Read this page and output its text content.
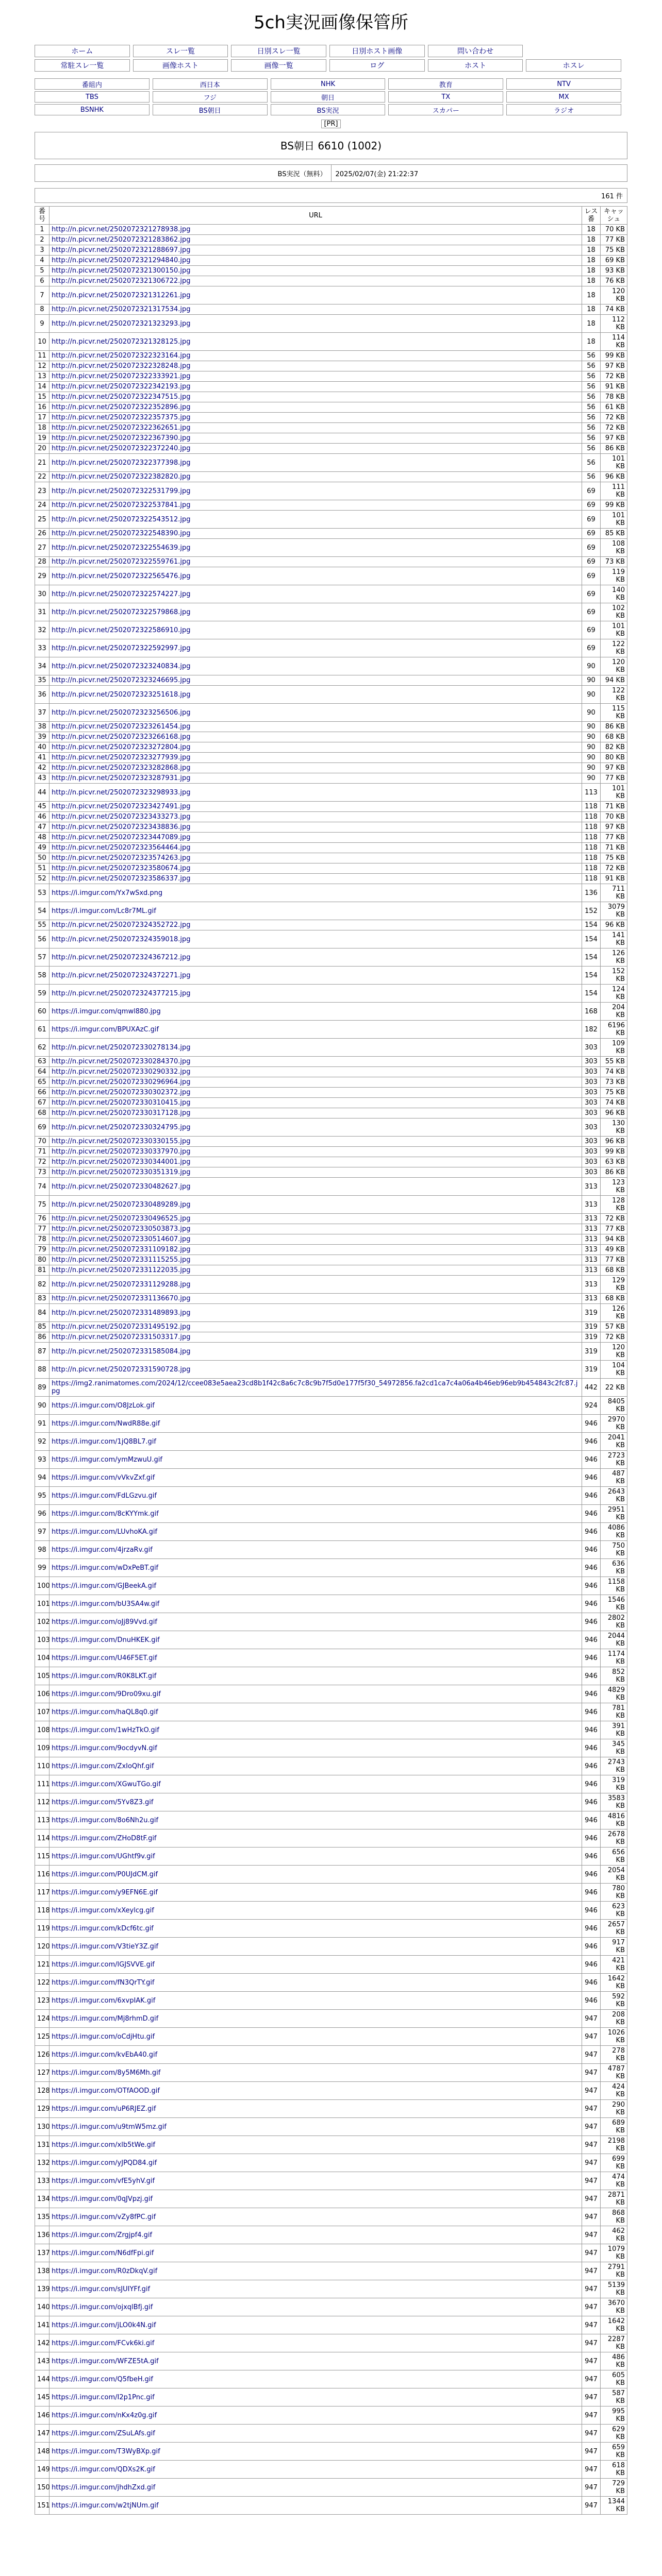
5ch実況画像保管所
ホーム	スレ一覧	日別スレ一覧	日別ホスト画像	問い合わせ	

常駐スレ一覧	画像ホスト	画像一覧	ログ	ホスト	ホスレ
番組内	西日本	NHK	教育	NTV

TBS	フジ	朝日	TX	MX

BSNHK	BS朝日	BS実況	スカパー	ラジオ
[PR]
BS朝日 6610 (1002)
BS実況（無料）	2025/02/07(金) 21:22:37
161 件
番号	URL	レス番	キャッシュ
1	http://n.picvr.net/2502072321278938.jpg	18	70 KB
2	http://n.picvr.net/2502072321283862.jpg	18	77 KB
3	http://n.picvr.net/2502072321288697.jpg	18	75 KB
4	http://n.picvr.net/2502072321294840.jpg	18	69 KB
5	http://n.picvr.net/2502072321300150.jpg	18	93 KB
6	http://n.picvr.net/2502072321306722.jpg	18	76 KB
7	http://n.picvr.net/2502072321312261.jpg	18	120 KB
8	http://n.picvr.net/2502072321317534.jpg	18	74 KB
9	http://n.picvr.net/2502072321323293.jpg	18	112 KB
10	http://n.picvr.net/2502072321328125.jpg	18	114 KB
11	http://n.picvr.net/2502072322323164.jpg	56	99 KB
12	http://n.picvr.net/2502072322328248.jpg	56	97 KB
13	http://n.picvr.net/2502072322333921.jpg	56	72 KB
14	http://n.picvr.net/2502072322342193.jpg	56	91 KB
15	http://n.picvr.net/2502072322347515.jpg	56	78 KB
16	http://n.picvr.net/2502072322352896.jpg	56	61 KB
17	http://n.picvr.net/2502072322357375.jpg	56	72 KB
18	http://n.picvr.net/2502072322362651.jpg	56	72 KB
19	http://n.picvr.net/2502072322367390.jpg	56	97 KB
20	http://n.picvr.net/2502072322372240.jpg	56	86 KB
21	http://n.picvr.net/2502072322377398.jpg	56	101 KB
22	http://n.picvr.net/2502072322382820.jpg	56	96 KB
23	http://n.picvr.net/2502072322531799.jpg	69	111 KB
24	http://n.picvr.net/2502072322537841.jpg	69	99 KB
25	http://n.picvr.net/2502072322543512.jpg	69	101 KB
26	http://n.picvr.net/2502072322548390.jpg	69	85 KB
27	http://n.picvr.net/2502072322554639.jpg	69	108 KB
28	http://n.picvr.net/2502072322559761.jpg	69	73 KB
29	http://n.picvr.net/2502072322565476.jpg	69	119 KB
30	http://n.picvr.net/2502072322574227.jpg	69	140 KB
31	http://n.picvr.net/2502072322579868.jpg	69	102 KB
32	http://n.picvr.net/2502072322586910.jpg	69	101 KB
33	http://n.picvr.net/2502072322592997.jpg	69	122 KB
34	http://n.picvr.net/2502072323240834.jpg	90	120 KB
35	http://n.picvr.net/2502072323246695.jpg	90	94 KB
36	http://n.picvr.net/2502072323251618.jpg	90	122 KB
37	http://n.picvr.net/2502072323256506.jpg	90	115 KB
38	http://n.picvr.net/2502072323261454.jpg	90	86 KB
39	http://n.picvr.net/2502072323266168.jpg	90	68 KB
40	http://n.picvr.net/2502072323272804.jpg	90	82 KB
41	http://n.picvr.net/2502072323277939.jpg	90	80 KB
42	http://n.picvr.net/2502072323282868.jpg	90	97 KB
43	http://n.picvr.net/2502072323287931.jpg	90	77 KB
44	http://n.picvr.net/2502072323298933.jpg	113	101 KB
45	http://n.picvr.net/2502072323427491.jpg	118	71 KB
46	http://n.picvr.net/2502072323433273.jpg	118	70 KB
47	http://n.picvr.net/2502072323438836.jpg	118	97 KB
48	http://n.picvr.net/2502072323447089.jpg	118	77 KB
49	http://n.picvr.net/2502072323564464.jpg	118	71 KB
50	http://n.picvr.net/2502072323574263.jpg	118	75 KB
51	http://n.picvr.net/2502072323580674.jpg	118	72 KB
52	http://n.picvr.net/2502072323586337.jpg	118	91 KB
53	https://i.imgur.com/Yx7wSxd.png	136	711 KB
54	https://i.imgur.com/Lc8r7ML.gif	152	3079 KB
55	http://n.picvr.net/2502072324352722.jpg	154	96 KB
56	http://n.picvr.net/2502072324359018.jpg	154	141 KB
57	http://n.picvr.net/2502072324367212.jpg	154	126 KB
58	http://n.picvr.net/2502072324372271.jpg	154	152 KB
59	http://n.picvr.net/2502072324377215.jpg	154	124 KB
60	https://i.imgur.com/qmwl880.jpg	168	204 KB
61	https://i.imgur.com/BPUXAzC.gif	182	6196 KB
62	http://n.picvr.net/2502072330278134.jpg	303	109 KB
63	http://n.picvr.net/2502072330284370.jpg	303	55 KB
64	http://n.picvr.net/2502072330290332.jpg	303	74 KB
65	http://n.picvr.net/2502072330296964.jpg	303	73 KB
66	http://n.picvr.net/2502072330302372.jpg	303	75 KB
67	http://n.picvr.net/2502072330310415.jpg	303	74 KB
68	http://n.picvr.net/2502072330317128.jpg	303	96 KB
69	http://n.picvr.net/2502072330324795.jpg	303	130 KB
70	http://n.picvr.net/2502072330330155.jpg	303	96 KB
71	http://n.picvr.net/2502072330337970.jpg	303	99 KB
72	http://n.picvr.net/2502072330344001.jpg	303	63 KB
73	http://n.picvr.net/2502072330351319.jpg	303	86 KB
74	http://n.picvr.net/2502072330482627.jpg	313	123 KB
75	http://n.picvr.net/2502072330489289.jpg	313	128 KB
76	http://n.picvr.net/2502072330496525.jpg	313	72 KB
77	http://n.picvr.net/2502072330503873.jpg	313	77 KB
78	http://n.picvr.net/2502072330514607.jpg	313	94 KB
79	http://n.picvr.net/2502072331109182.jpg	313	49 KB
80	http://n.picvr.net/2502072331115255.jpg	313	77 KB
81	http://n.picvr.net/2502072331122035.jpg	313	68 KB
82	http://n.picvr.net/2502072331129288.jpg	313	129 KB
83	http://n.picvr.net/2502072331136670.jpg	313	68 KB
84	http://n.picvr.net/2502072331489893.jpg	319	126 KB
85	http://n.picvr.net/2502072331495192.jpg	319	57 KB
86	http://n.picvr.net/2502072331503317.jpg	319	72 KB
87	http://n.picvr.net/2502072331585084.jpg	319	120 KB
88	http://n.picvr.net/2502072331590728.jpg	319	104 KB
89	https://img2.ranimatomes.com/2024/12/ccee083e5aea23cd8b1f42c8a6c7c8c9b7f5d0e177f5f30_54972856.fa2cd1ca7c4a06a4b46eb96eb9b454843c2fc87.jpg	442	22 KB
90	https://i.imgur.com/O8JzLok.gif	924	8405 KB
91	https://i.imgur.com/NwdR88e.gif	946	2970 KB
92	https://i.imgur.com/1jQ8BL7.gif	946	2041 KB
93	https://i.imgur.com/ymMzwuU.gif	946	2723 KB
94	https://i.imgur.com/vVkvZxf.gif	946	487 KB
95	https://i.imgur.com/FdLGzvu.gif	946	2643 KB
96	https://i.imgur.com/8cKYYmk.gif	946	2951 KB
97	https://i.imgur.com/LUvhoKA.gif	946	4086 KB
98	https://i.imgur.com/4jrzaRv.gif	946	750 KB
99	https://i.imgur.com/wDxPeBT.gif	946	636 KB
100	https://i.imgur.com/GJBeekA.gif	946	1158 KB
101	https://i.imgur.com/bU3SA4w.gif	946	1546 KB
102	https://i.imgur.com/oJj89Vvd.gif	946	2802 KB
103	https://i.imgur.com/DnuHKEK.gif	946	2044 KB
104	https://i.imgur.com/U46F5ET.gif	946	1174 KB
105	https://i.imgur.com/R0K8LKT.gif	946	852 KB
106	https://i.imgur.com/9Dro09xu.gif	946	4829 KB
107	https://i.imgur.com/haQL8q0.gif	946	781 KB
108	https://i.imgur.com/1wHzTkO.gif	946	391 KB
109	https://i.imgur.com/9ocdyvN.gif	946	345 KB
110	https://i.imgur.com/ZxIoQhf.gif	946	2743 KB
111	https://i.imgur.com/XGwuTGo.gif	946	319 KB
112	https://i.imgur.com/5Yv8Z3.gif	946	3583 KB
113	https://i.imgur.com/8o6Nh2u.gif	946	4816 KB
114	https://i.imgur.com/ZHoD8tF.gif	946	2678 KB
115	https://i.imgur.com/UGhtf9v.gif	946	656 KB
116	https://i.imgur.com/P0UJdCM.gif	946	2054 KB
117	https://i.imgur.com/y9EFN6E.gif	946	780 KB
118	https://i.imgur.com/xXeylcg.gif	946	623 KB
119	https://i.imgur.com/kDcf6tc.gif	946	2657 KB
120	https://i.imgur.com/V3tieY3Z.gif	946	917 KB
121	https://i.imgur.com/lGJSVVE.gif	946	421 KB
122	https://i.imgur.com/fN3QrTY.gif	946	1642 KB
123	https://i.imgur.com/6xvpIAK.gif	946	592 KB
124	https://i.imgur.com/Mj8rhmD.gif	947	208 KB
125	https://i.imgur.com/oCdjHtu.gif	947	1026 KB
126	https://i.imgur.com/kvEbA40.gif	947	278 KB
127	https://i.imgur.com/8y5M6Mh.gif	947	4787 KB
128	https://i.imgur.com/OTfAOOD.gif	947	424 KB
129	https://i.imgur.com/uP6RJEZ.gif	947	290 KB
130	https://i.imgur.com/u9tmW5mz.gif	947	689 KB
131	https://i.imgur.com/xlb5tWe.gif	947	2198 KB
132	https://i.imgur.com/yJPQD84.gif	947	699 KB
133	https://i.imgur.com/vfE5yhV.gif	947	474 KB
134	https://i.imgur.com/0qJVpzj.gif	947	2871 KB
135	https://i.imgur.com/vZy8fPC.gif	947	868 KB
136	https://i.imgur.com/Zrgjpf4.gif	947	462 KB
137	https://i.imgur.com/N6dfFpi.gif	947	1079 KB
138	https://i.imgur.com/R0zDkqV.gif	947	2791 KB
139	https://i.imgur.com/sJUIYFf.gif	947	5139 KB
140	https://i.imgur.com/ojxqlBfj.gif	947	3670 KB
141	https://i.imgur.com/jLO0k4N.gif	947	1642 KB
142	https://i.imgur.com/FCvk6ki.gif	947	2287 KB
143	https://i.imgur.com/WFZE5tA.gif	947	486 KB
144	https://i.imgur.com/Q5fbeH.gif	947	605 KB
145	https://i.imgur.com/I2p1Pnc.gif	947	587 KB
146	https://i.imgur.com/nKx4z0g.gif	947	995 KB
147	https://i.imgur.com/ZSuLAfs.gif	947	629 KB
148	https://i.imgur.com/T3WyBXp.gif	947	659 KB
149	https://i.imgur.com/QDXs2K.gif	947	618 KB
150	https://i.imgur.com/jhdhZxd.gif	947	729 KB
151	https://i.imgur.com/w2tjNUm.gif	947	1344 KB
